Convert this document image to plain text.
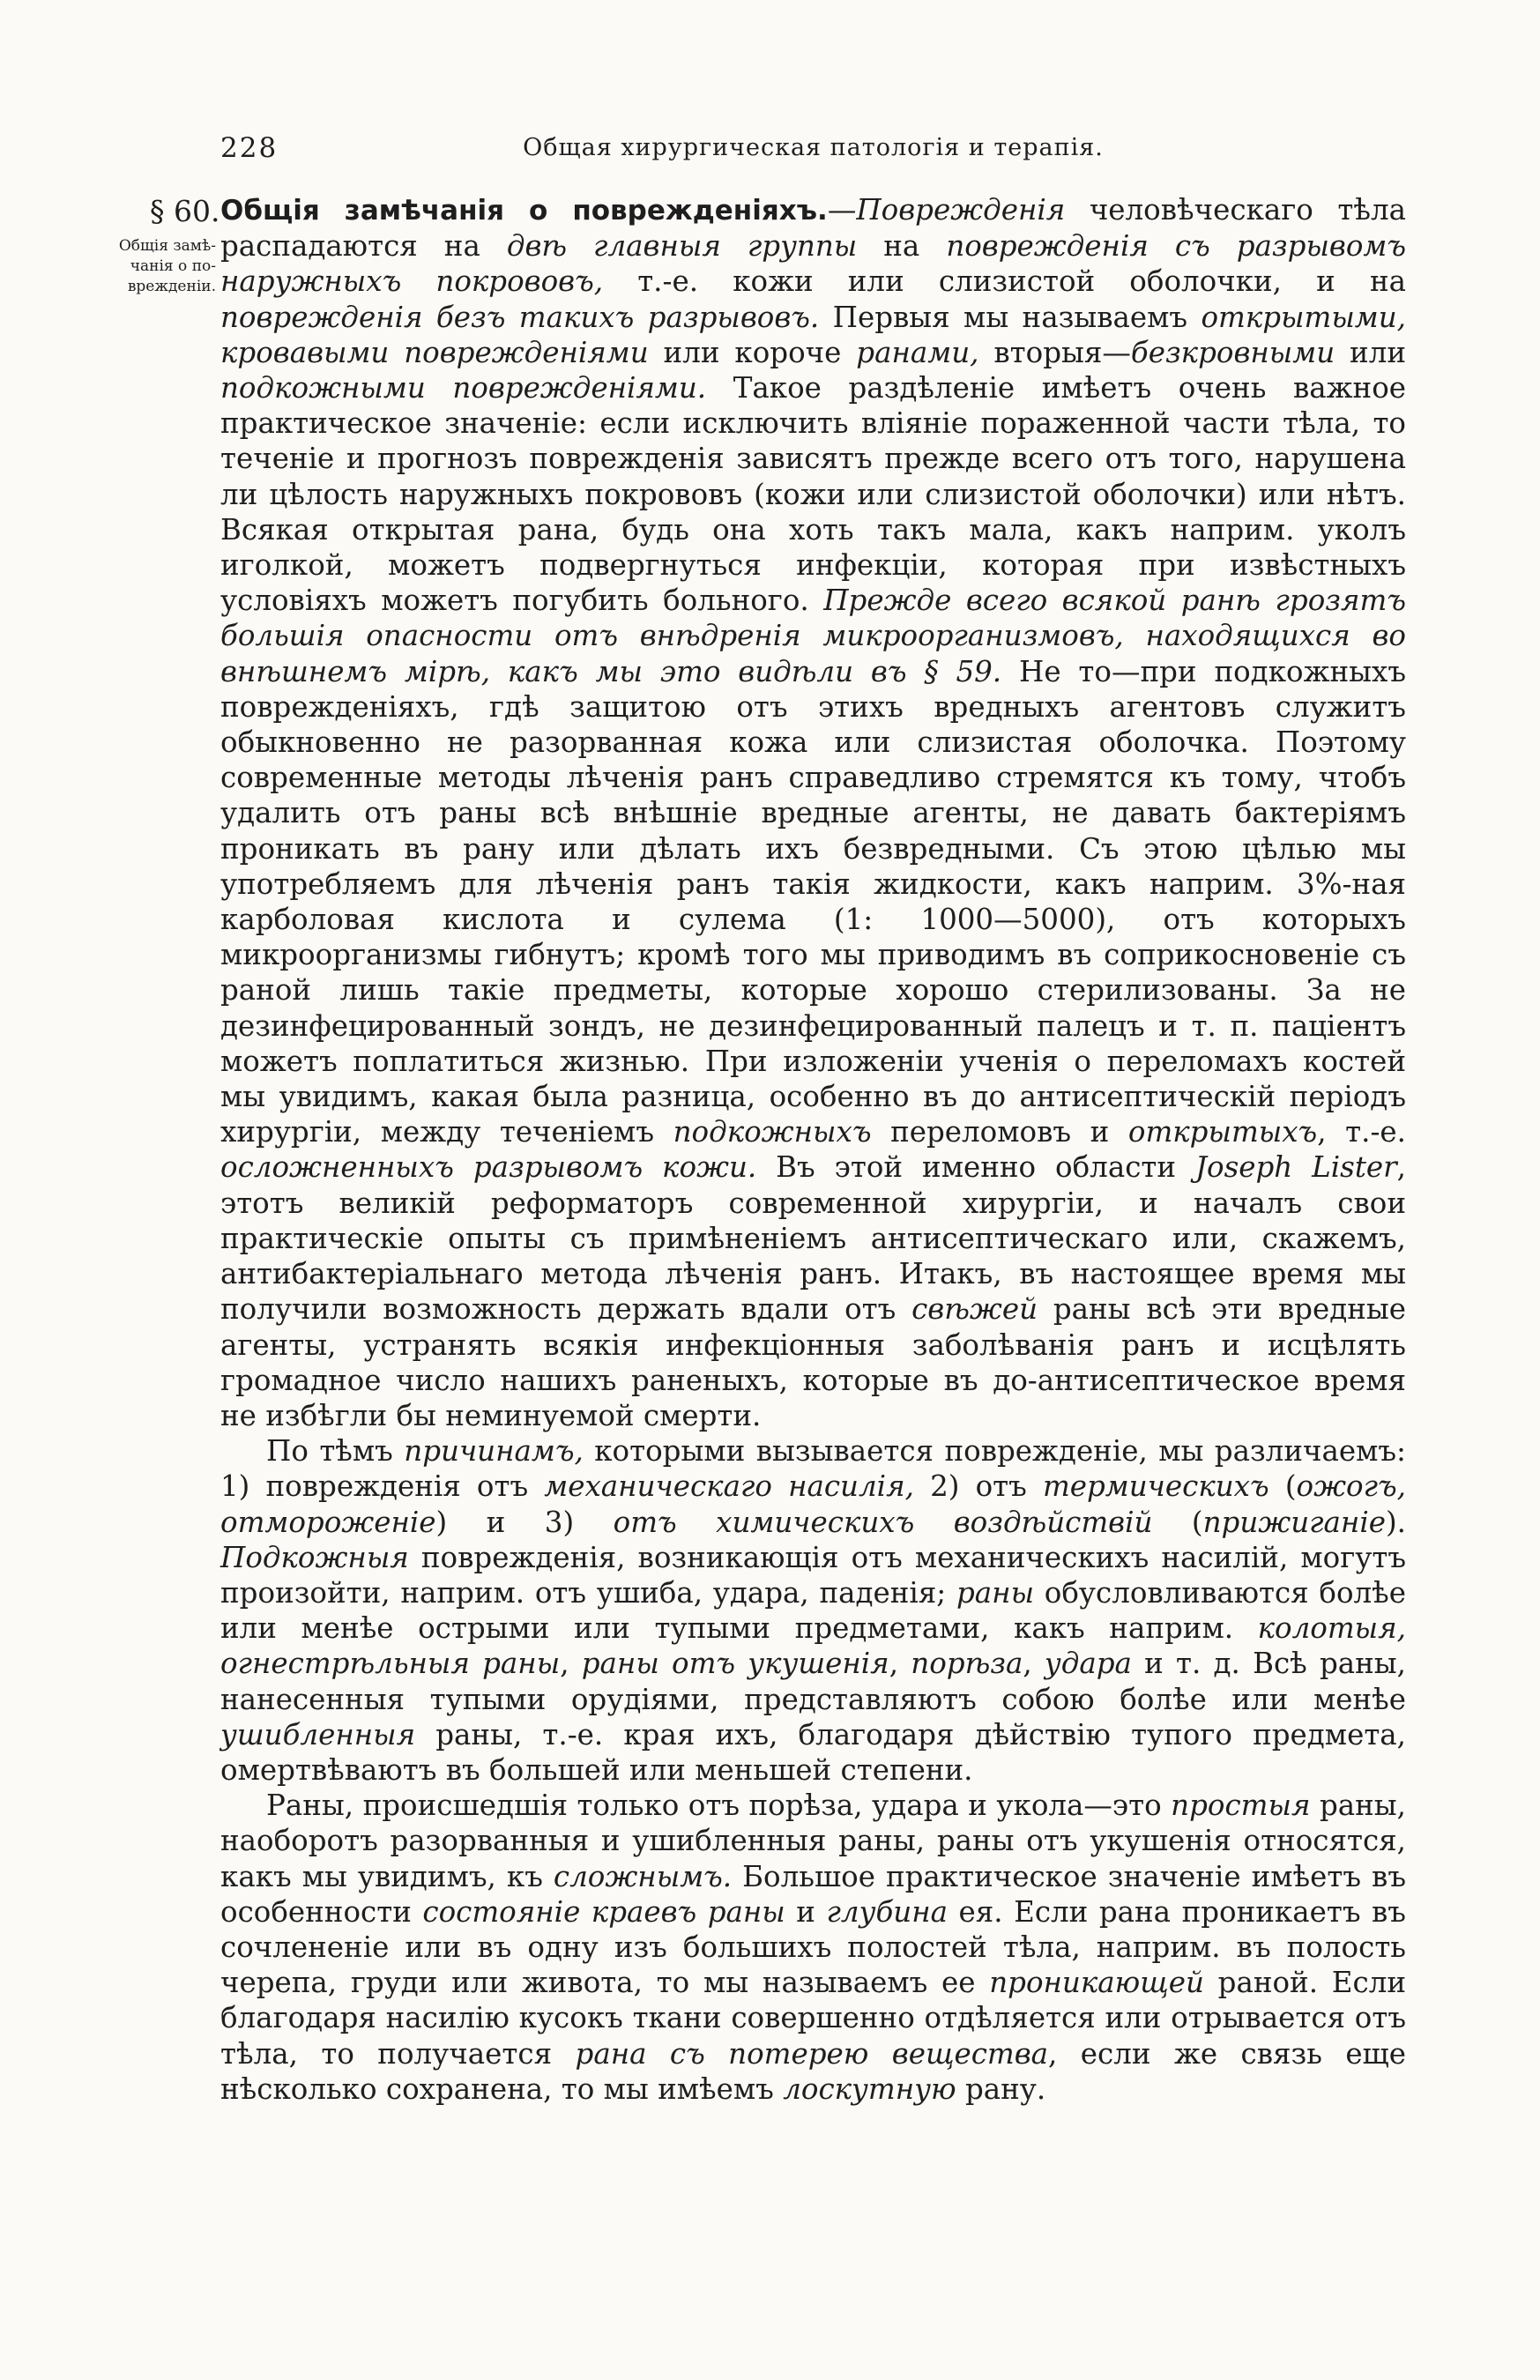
228	Общая хирургическая патологія и терапія.
§ 60.
Общія замѣ-
чанія о по-
врежденіи.

Общія замѣчанія о поврежденіяхъ.—Поврежденія человѣческаго тѣла распадаются на двѣ главныя группы на поврежденія съ разрывомъ наружныхъ покрововъ, т.-е. кожи или слизистой оболочки, и на поврежденія безъ такихъ разрывовъ. Первыя мы называемъ открытыми, кровавыми поврежденіями или короче ранами, вторыя—безкровными или подкожными поврежденіями. Такое раздѣленіе имѣетъ очень важное практическое значеніе: если исключить вліяніе пораженной части тѣла, то теченіе и прогнозъ поврежденія зависятъ прежде всего отъ того, нарушена ли цѣлость наружныхъ покрововъ (кожи или слизистой оболочки) или нѣтъ. Всякая открытая рана, будь она хоть такъ мала, какъ наприм. уколъ иголкой, можетъ подвергнуться инфекціи, которая при извѣстныхъ условіяхъ можетъ погубить больного. Прежде всего всякой ранѣ грозятъ большія опасности отъ внѣдренія микроорганизмовъ, находящихся во внѣшнемъ мірѣ, какъ мы это видѣли въ § 59. Не то—при подкожныхъ поврежденіяхъ, гдѣ защитою отъ этихъ вредныхъ агентовъ служитъ обыкновенно не разорванная кожа или слизистая оболочка. Поэтому современные методы лѣченія ранъ справедливо стремятся къ тому, чтобъ удалить отъ раны всѣ внѣшніе вредные агенты, не давать бактеріямъ проникать въ рану или дѣлать ихъ безвредными. Съ этою цѣлью мы употребляемъ для лѣченія ранъ такія жидкости, какъ наприм. 3%-ная карболовая кислота и сулема (1: 1000—5000), отъ которыхъ микроорганизмы гибнутъ; кромѣ того мы приводимъ въ соприкосновеніе съ раной лишь такіе предметы, которые хорошо стерилизованы. За не дезинфецированный зондъ, не дезинфецированный палецъ и т. п. паціентъ можетъ поплатиться жизнью. При изложеніи ученія о переломахъ костей мы увидимъ, какая была разница, особенно въ до антисептическій періодъ хирургіи, между теченіемъ подкожныхъ переломовъ и открытыхъ, т.-е. осложненныхъ разрывомъ кожи. Въ этой именно области Joseph Lister, этотъ великій реформаторъ современной хирургіи, и началъ свои практическіе опыты съ примѣненіемъ антисептическаго или, скажемъ, антибактеріальнаго метода лѣченія ранъ. Итакъ, въ настоящее время мы получили возможность держать вдали отъ свѣжей раны всѣ эти вредные агенты, устранять всякія инфекціонныя заболѣванія ранъ и исцѣлять громадное число нашихъ раненыхъ, которые въ до-антисептическое время не избѣгли бы неминуемой смерти.

По тѣмъ причинамъ, которыми вызывается поврежденіе, мы различаемъ: 1) поврежденія отъ механическаго насилія, 2) отъ термическихъ (ожогъ, отмороженіе) и 3) отъ химическихъ воздѣйствій (прижиганіе). Подкожныя поврежденія, возникающія отъ механическихъ насилій, могутъ произойти, наприм. отъ ушиба, удара, паденія; раны обусловливаются болѣе или менѣе острыми или тупыми предметами, какъ наприм. колотыя, огнестрѣльныя раны, раны отъ укушенія, порѣза, удара и т. д. Всѣ раны, нанесенныя тупыми орудіями, представляютъ собою болѣе или менѣе ушибленныя раны, т.-е. края ихъ, благодаря дѣйствію тупого предмета, омертвѣваютъ въ большей или меньшей степени.

Раны, происшедшія только отъ порѣза, удара и укола—это простыя раны, наоборотъ разорванныя и ушибленныя раны, раны отъ укушенія относятся, какъ мы увидимъ, къ сложнымъ. Большое практическое значеніе имѣетъ въ особенности состояніе краевъ раны и глубина ея. Если рана проникаетъ въ сочлененіе или въ одну изъ большихъ полостей тѣла, наприм. въ полость черепа, груди или живота, то мы называемъ ее проникающей раной. Если благодаря насилію кусокъ ткани совершенно отдѣляется или отрывается отъ тѣла, то получается рана съ потерею вещества, если же связь еще нѣсколько сохранена, то мы имѣемъ лоскутную рану.
